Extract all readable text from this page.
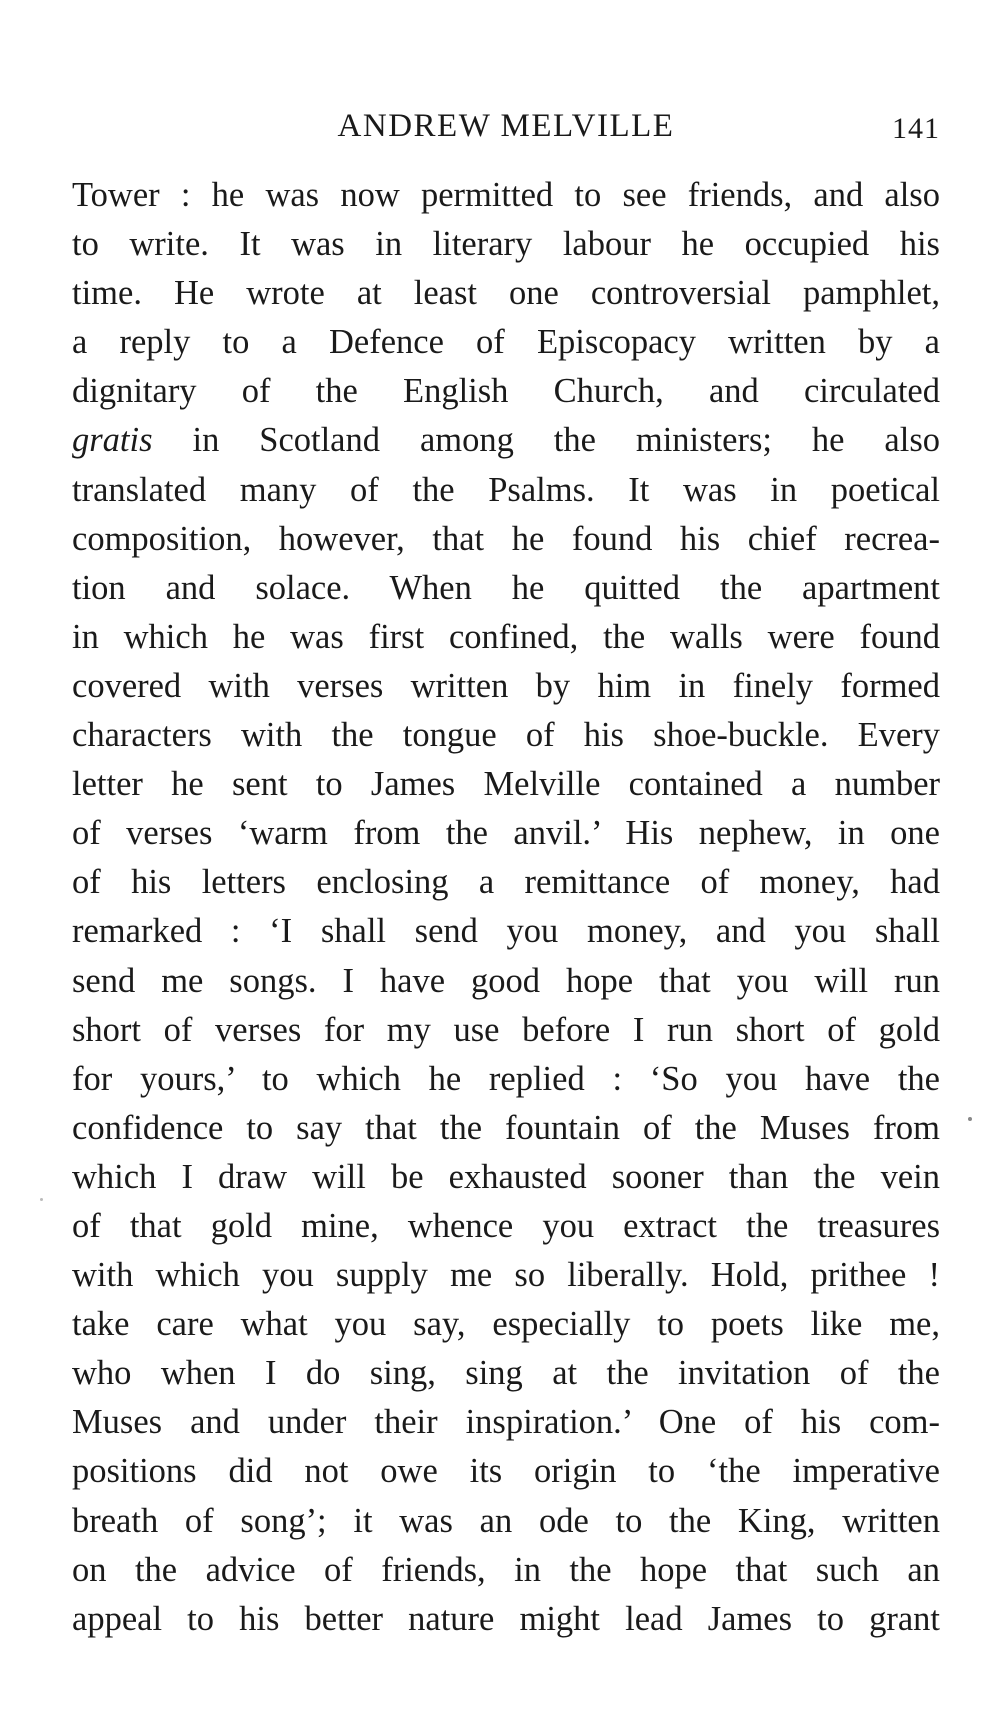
ANDREW MELVILLE	141
Tower : he was now permitted to see friends, and also
to write. It was in literary labour he occupied his
time. He wrote at least one controversial pamphlet,
a reply to a Defence of Episcopacy written by a
dignitary of the English Church, and circulated
gratis in Scotland among the ministers; he also
translated many of the Psalms. It was in poetical
composition, however, that he found his chief recrea-
tion and solace. When he quitted the apartment
in which he was first confined, the walls were found
covered with verses written by him in finely formed
characters with the tongue of his shoe-buckle. Every
letter he sent to James Melville contained a number
of verses ‘warm from the anvil.’ His nephew, in one
of his letters enclosing a remittance of money, had
remarked : ‘I shall send you money, and you shall
send me songs. I have good hope that you will run
short of verses for my use before I run short of gold
for yours,’ to which he replied : ‘So you have the
confidence to say that the fountain of the Muses from
which I draw will be exhausted sooner than the vein
of that gold mine, whence you extract the treasures
with which you supply me so liberally. Hold, prithee !
take care what you say, especially to poets like me,
who when I do sing, sing at the invitation of the
Muses and under their inspiration.’ One of his com-
positions did not owe its origin to ‘the imperative
breath of song’; it was an ode to the King, written
on the advice of friends, in the hope that such an
appeal to his better nature might lead James to grant
